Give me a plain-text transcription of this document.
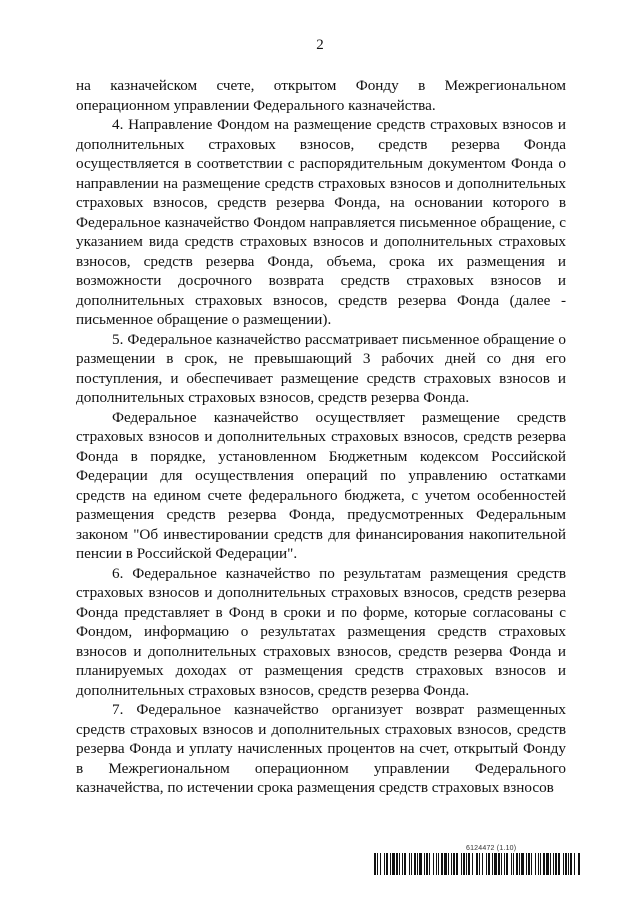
2

на казначейском счете, открытом Фонду в Межрегиональном операционном управлении Федерального казначейства.

4. Направление Фондом на размещение средств страховых взносов и дополнительных страховых взносов, средств резерва Фонда осуществляется в соответствии с распорядительным документом Фонда о направлении на размещение средств страховых взносов и дополнительных страховых взносов, средств резерва Фонда, на основании которого в Федеральное казначейство Фондом направляется письменное обращение, с указанием вида средств страховых взносов и дополнительных страховых взносов, средств резерва Фонда, объема, срока их размещения и возможности досрочного возврата средств страховых взносов и дополнительных страховых взносов, средств резерва Фонда (далее - письменное обращение о размещении).

5. Федеральное казначейство рассматривает письменное обращение о размещении в срок, не превышающий 3 рабочих дней со дня его поступления, и обеспечивает размещение средств страховых взносов и дополнительных страховых взносов, средств резерва Фонда.

Федеральное казначейство осуществляет размещение средств страховых взносов и дополнительных страховых взносов, средств резерва Фонда в порядке, установленном Бюджетным кодексом Российской Федерации для осуществления операций по управлению остатками средств на едином счете федерального бюджета, с учетом особенностей размещения средств резерва Фонда, предусмотренных Федеральным законом "Об инвестировании средств для финансирования накопительной пенсии в Российской Федерации".

6. Федеральное казначейство по результатам размещения средств страховых взносов и дополнительных страховых взносов, средств резерва Фонда представляет в Фонд в сроки и по форме, которые согласованы с Фондом, информацию о результатах размещения средств страховых взносов и дополнительных страховых взносов, средств резерва Фонда и планируемых доходах от размещения средств страховых взносов и дополнительных страховых взносов, средств резерва Фонда.

7. Федеральное казначейство организует возврат размещенных средств страховых взносов и дополнительных страховых взносов, средств резерва Фонда и уплату начисленных процентов на счет, открытый Фонду в Межрегиональном операционном управлении Федерального казначейства, по истечении срока размещения средств страховых взносов

6124472 (1.10)
